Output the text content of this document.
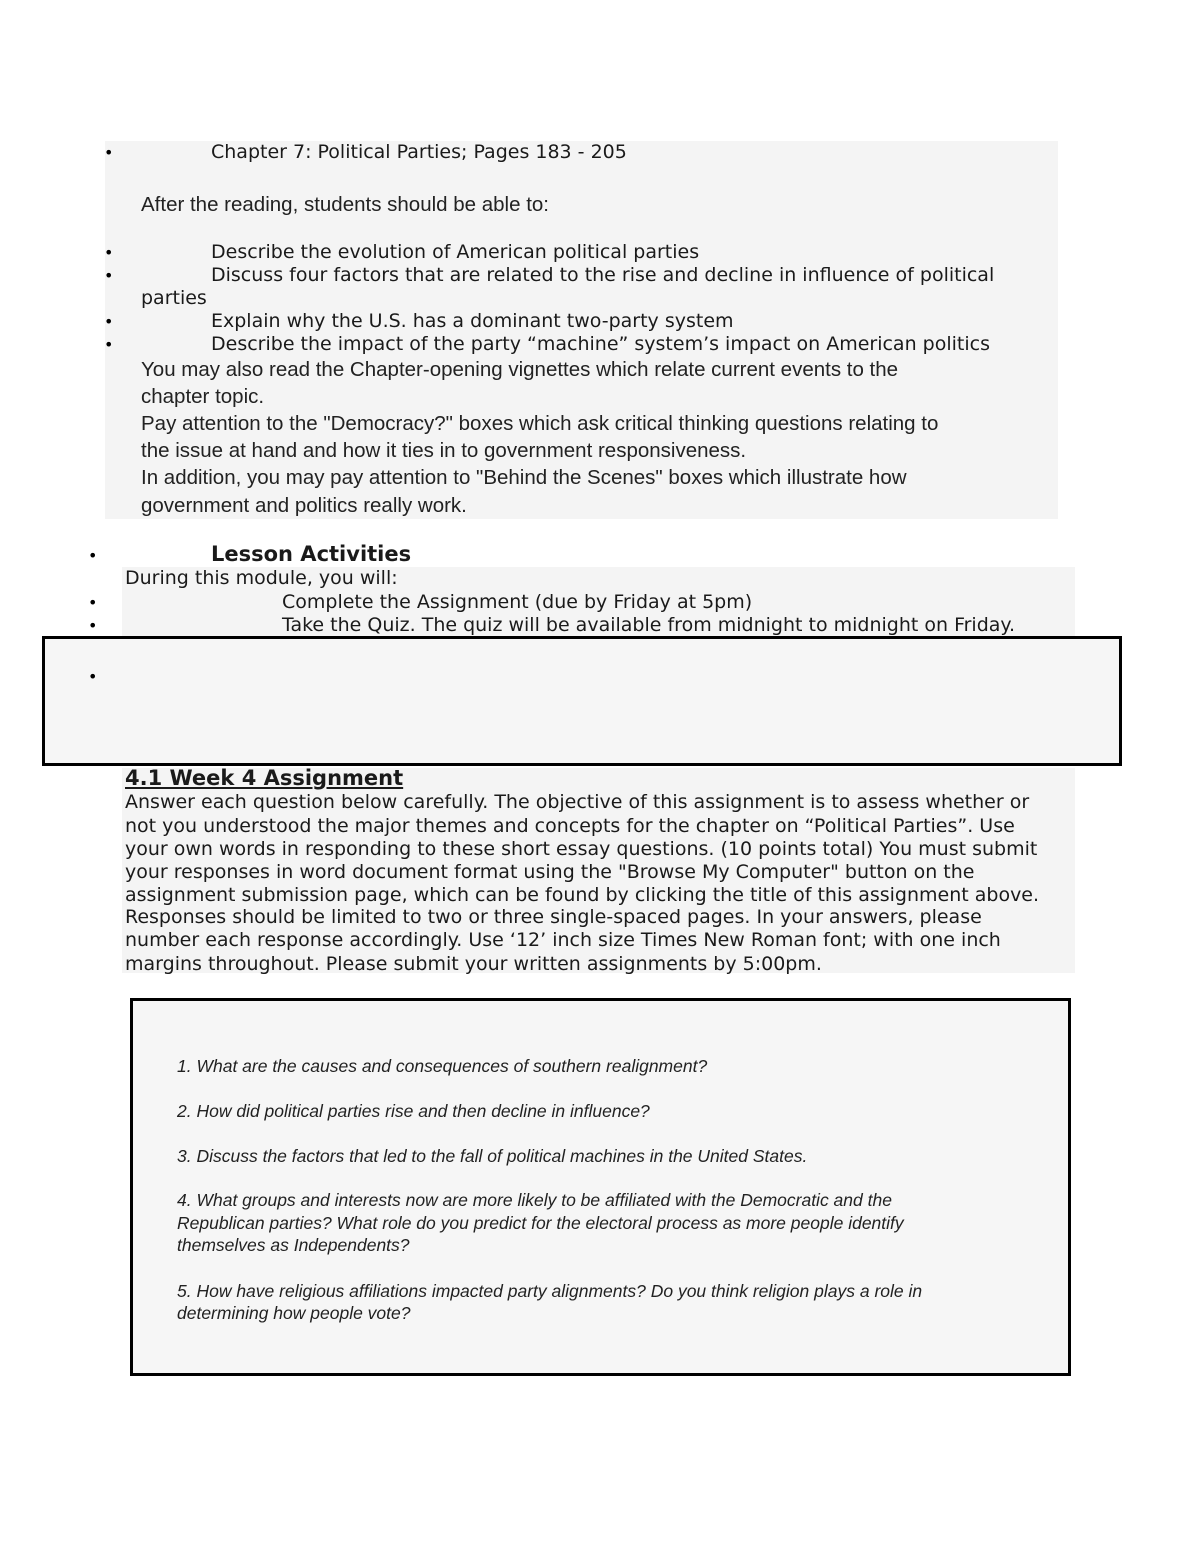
•	Chapter 7: Political Parties; Pages 183 - 205
After the reading, students should be able to:
•	Describe the evolution of American political parties
•	Discuss four factors that are related to the rise and decline in influence of political
parties
•	Explain why the U.S. has a dominant two-party system
•	Describe the impact of the party “machine” system’s impact on American politics
You may also read the Chapter-opening vignettes which relate current events to the
chapter topic.
Pay attention to the "Democracy?" boxes which ask critical thinking questions relating to
the issue at hand and how it ties in to government responsiveness.
In addition, you may pay attention to "Behind the Scenes" boxes which illustrate how
government and politics really work.
•	Lesson Activities
During this module, you will:
•	Complete the Assignment (due by Friday at 5pm)
•	Take the Quiz. The quiz will be available from midnight to midnight on Friday.
•
4.1 Week 4 Assignment
Answer each question below carefully. The objective of this assignment is to assess whether or
not you understood the major themes and concepts for the chapter on “Political Parties”. Use
your own words in responding to these short essay questions. (10 points total) You must submit
your responses in word document format using the "Browse My Computer" button on the
assignment submission page, which can be found by clicking the title of this assignment above.
Responses should be limited to two or three single-spaced pages. In your answers, please
number each response accordingly. Use ‘12’ inch size Times New Roman font; with one inch
margins throughout. Please submit your written assignments by 5:00pm.
1. What are the causes and consequences of southern realignment?
2. How did political parties rise and then decline in influence?
3. Discuss the factors that led to the fall of political machines in the United States.
4. What groups and interests now are more likely to be affiliated with the Democratic and the
Republican parties? What role do you predict for the electoral process as more people identify
themselves as Independents?
5. How have religious affiliations impacted party alignments? Do you think religion plays a role in
determining how people vote?
